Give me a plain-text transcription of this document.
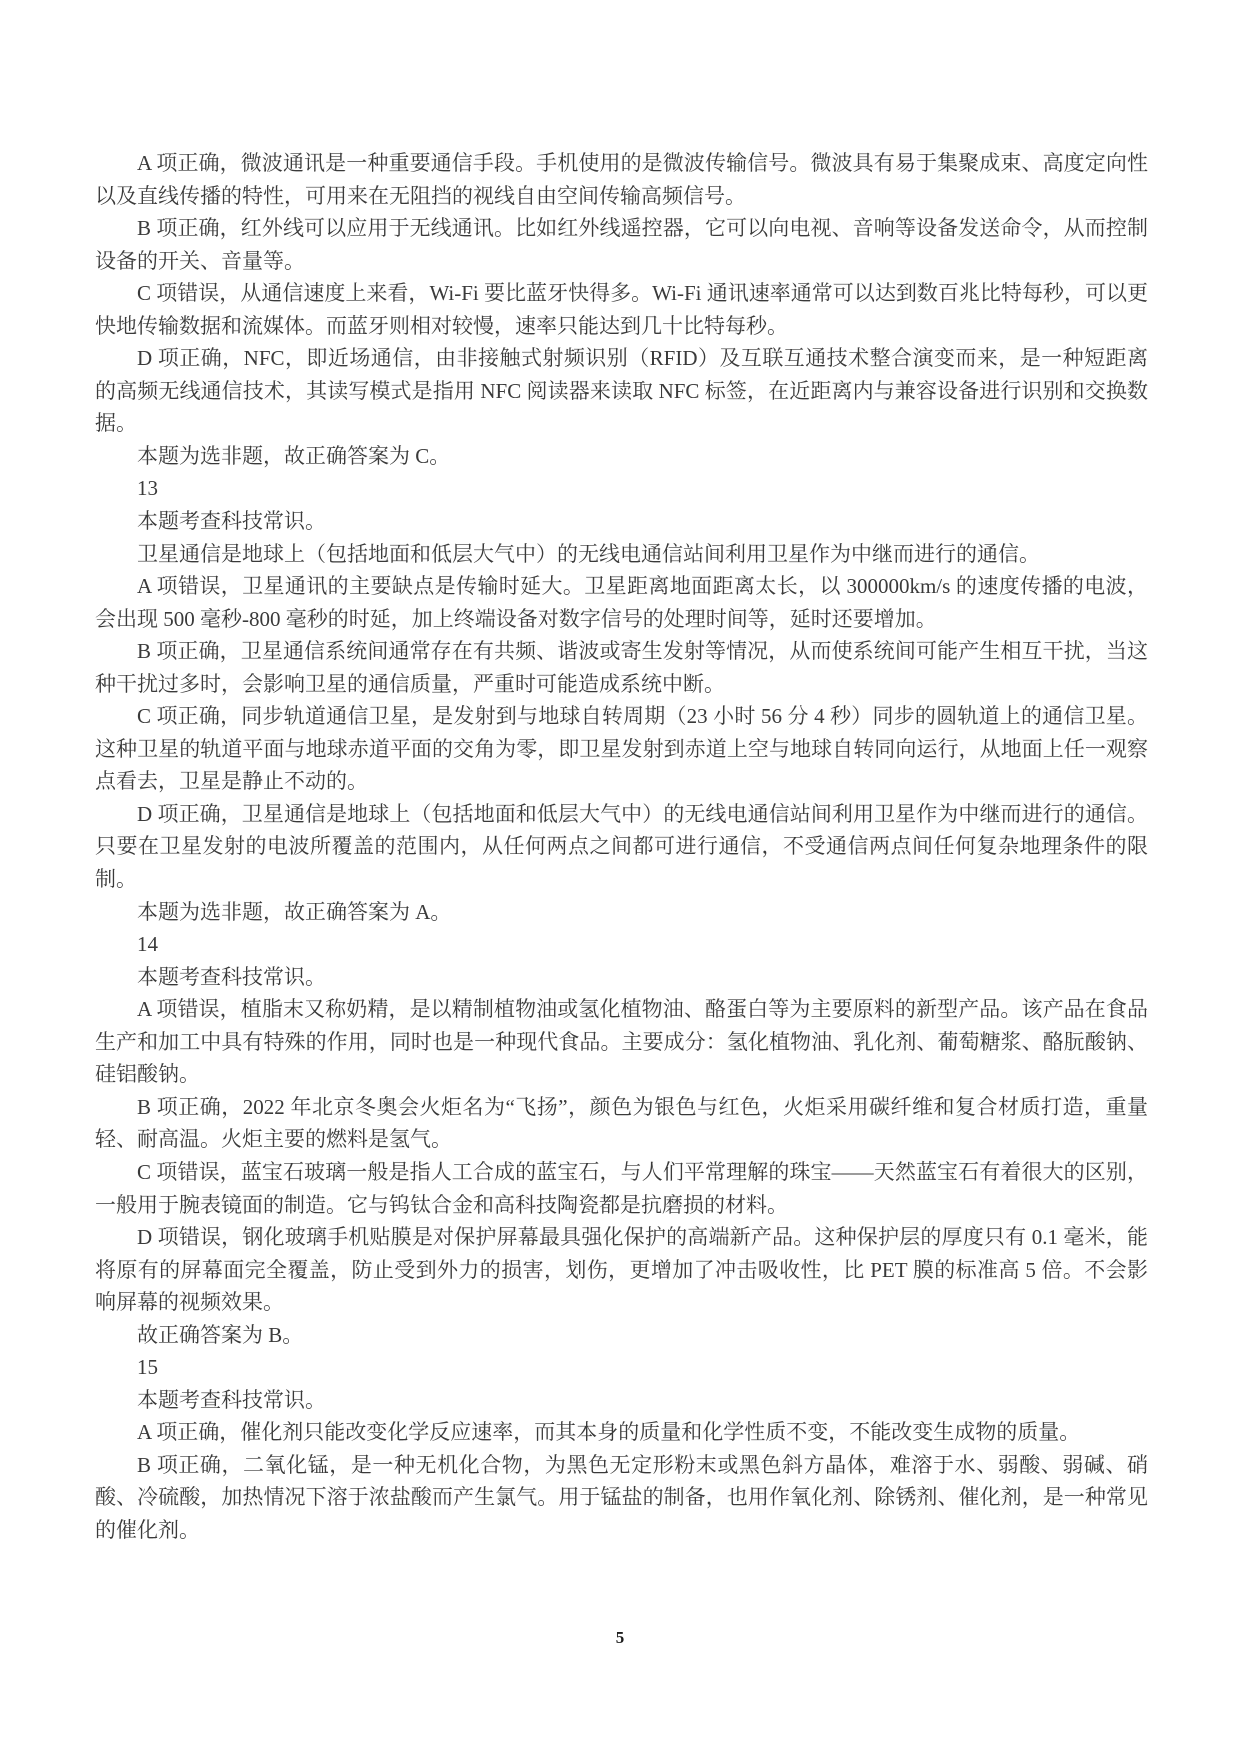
A 项正确，微波通讯是一种重要通信手段。手机使用的是微波传输信号。微波具有易于集聚成束、高度定向性以及直线传播的特性，可用来在无阻挡的视线自由空间传输高频信号。

B 项正确，红外线可以应用于无线通讯。比如红外线遥控器，它可以向电视、音响等设备发送命令，从而控制设备的开关、音量等。

C 项错误，从通信速度上来看，Wi-Fi 要比蓝牙快得多。Wi-Fi 通讯速率通常可以达到数百兆比特每秒，可以更快地传输数据和流媒体。而蓝牙则相对较慢，速率只能达到几十比特每秒。

D 项正确，NFC，即近场通信，由非接触式射频识别（RFID）及互联互通技术整合演变而来，是一种短距离的高频无线通信技术，其读写模式是指用 NFC 阅读器来读取 NFC 标签，在近距离内与兼容设备进行识别和交换数据。

本题为选非题，故正确答案为 C。

13

本题考查科技常识。

卫星通信是地球上（包括地面和低层大气中）的无线电通信站间利用卫星作为中继而进行的通信。

A 项错误，卫星通讯的主要缺点是传输时延大。卫星距离地面距离太长，以 300000km/s 的速度传播的电波，会出现 500 毫秒-800 毫秒的时延，加上终端设备对数字信号的处理时间等，延时还要增加。

B 项正确，卫星通信系统间通常存在有共频、谐波或寄生发射等情况，从而使系统间可能产生相互干扰，当这种干扰过多时，会影响卫星的通信质量，严重时可能造成系统中断。

C 项正确，同步轨道通信卫星，是发射到与地球自转周期（23 小时 56 分 4 秒）同步的圆轨道上的通信卫星。这种卫星的轨道平面与地球赤道平面的交角为零，即卫星发射到赤道上空与地球自转同向运行，从地面上任一观察点看去，卫星是静止不动的。

D 项正确，卫星通信是地球上（包括地面和低层大气中）的无线电通信站间利用卫星作为中继而进行的通信。只要在卫星发射的电波所覆盖的范围内，从任何两点之间都可进行通信，不受通信两点间任何复杂地理条件的限制。

本题为选非题，故正确答案为 A。

14

本题考查科技常识。

A 项错误，植脂末又称奶精，是以精制植物油或氢化植物油、酪蛋白等为主要原料的新型产品。该产品在食品生产和加工中具有特殊的作用，同时也是一种现代食品。主要成分：氢化植物油、乳化剂、葡萄糖浆、酪朊酸钠、硅铝酸钠。

B 项正确，2022 年北京冬奥会火炬名为“飞扬”，颜色为银色与红色，火炬采用碳纤维和复合材质打造，重量轻、耐高温。火炬主要的燃料是氢气。

C 项错误，蓝宝石玻璃一般是指人工合成的蓝宝石，与人们平常理解的珠宝——天然蓝宝石有着很大的区别，一般用于腕表镜面的制造。它与钨钛合金和高科技陶瓷都是抗磨损的材料。

D 项错误，钢化玻璃手机贴膜是对保护屏幕最具强化保护的高端新产品。这种保护层的厚度只有 0.1 毫米，能将原有的屏幕面完全覆盖，防止受到外力的损害，划伤，更增加了冲击吸收性，比 PET 膜的标准高 5 倍。不会影响屏幕的视频效果。

故正确答案为 B。

15

本题考查科技常识。

A 项正确，催化剂只能改变化学反应速率，而其本身的质量和化学性质不变，不能改变生成物的质量。

B 项正确，二氧化锰，是一种无机化合物，为黑色无定形粉末或黑色斜方晶体，难溶于水、弱酸、弱碱、硝酸、冷硫酸，加热情况下溶于浓盐酸而产生氯气。用于锰盐的制备，也用作氧化剂、除锈剂、催化剂，是一种常见的催化剂。

5
